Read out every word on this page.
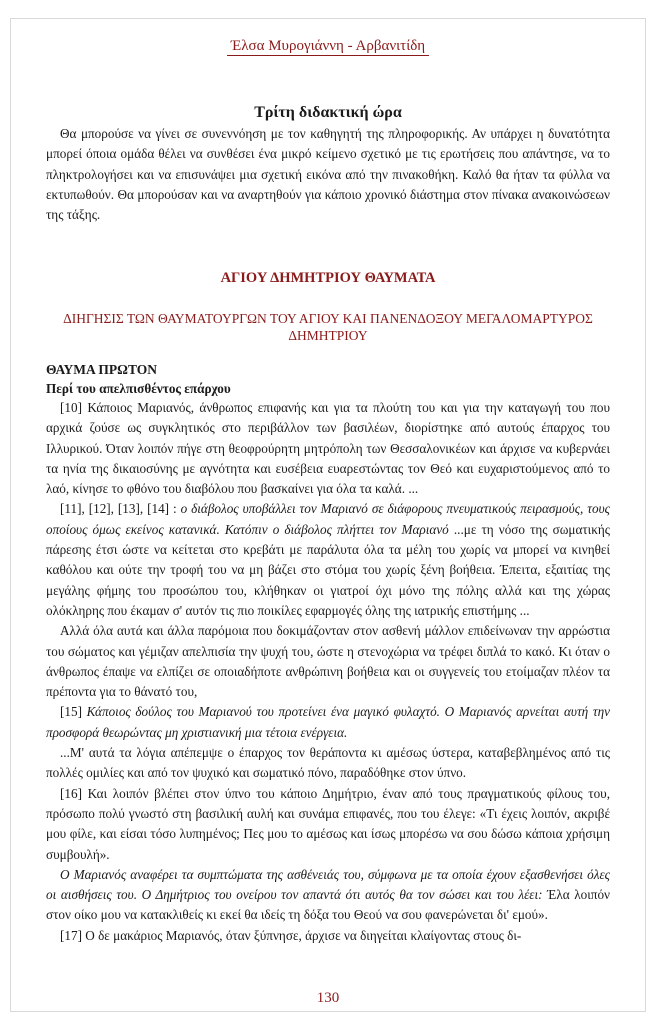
Έλσα Μυρογιάννη - Αρβανιτίδη
Τρίτη διδακτική ώρα

Θα μπορούσε να γίνει σε συνεννόηση με τον καθηγητή της πληροφορικής. Αν υπάρχει η δυνατότητα μπορεί όποια ομάδα θέλει να συνθέσει ένα μικρό κείμενο σχετικό με τις ερωτήσεις που απάντησε, να το πληκτρολογήσει και να επισυνάψει μια σχετική εικόνα από την πινακοθήκη. Καλό θα ήταν τα φύλλα να εκτυπωθούν. Θα μπορούσαν και να αναρτηθούν για κάποιο χρονικό διάστημα στον πίνακα ανακοινώσεων της τάξης.

ΑΓΙΟΥ ΔΗΜΗΤΡΙΟΥ ΘΑΥΜΑΤΑ
ΔΙΗΓΗΣΙΣ ΤΩΝ ΘΑΥΜΑΤΟΥΡΓΩΝ ΤΟΥ ΑΓΙΟΥ ΚΑΙ ΠΑΝΕΝΔΟΞΟΥ ΜΕΓΑΛΟΜΑΡΤΥΡΟΣ ΔΗΜΗΤΡΙΟΥ
ΘΑΥΜΑ ΠΡΩΤΟΝ
Περί του απελπισθέντος επάρχου

[10] Κάποιος Μαριανός, άνθρωπος επιφανής και για τα πλούτη του και για την καταγωγή του που αρχικά ζούσε ως συγκλητικός στο περιβάλλον των βασιλέων, διορίστηκε από αυτούς έπαρχος του Ιλλυρικού. Όταν λοιπόν πήγε στη θεοφρούρητη μητρόπολη των Θεσσαλονικέων και άρχισε να κυβερνάει τα ηνία της δικαιοσύνης με αγνότητα και ευσέβεια ευαρεστώντας τον Θεό και ευχαριστούμενος από το λαό, κίνησε το φθόνο του διαβόλου που βασκαίνει για όλα τα καλά. ...

[11], [12], [13], [14] : ο διάβολος υποβάλλει τον Μαριανό σε διάφορους πνευματικούς πειρασμούς, τους οποίους όμως εκείνος κατανικά. Κατόπιν ο διάβολος πλήττει τον Μαριανό ...με τη νόσο της σωματικής πάρεσης έτσι ώστε να κείτεται στο κρεβάτι με παράλυτα όλα τα μέλη του χωρίς να μπορεί να κινηθεί καθόλου και ούτε την τροφή του να μη βάζει στο στόμα του χωρίς ξένη βοήθεια. Έπειτα, εξαιτίας της μεγάλης φήμης του προσώπου του, κλήθηκαν οι γιατροί όχι μόνο της πόλης αλλά και της χώρας ολόκληρης που έκαμαν σ' αυτόν τις πιο ποικίλες εφαρμογές όλης της ιατρικής επιστήμης ...

Αλλά όλα αυτά και άλλα παρόμοια που δοκιμάζονταν στον ασθενή μάλλον επιδείνωναν την αρρώστια του σώματος και γέμιζαν απελπισία την ψυχή του, ώστε η στενοχώρια να τρέφει διπλά το κακό. Κι όταν ο άνθρωπος έπαψε να ελπίζει σε οποιαδήποτε ανθρώπινη βοήθεια και οι συγγενείς του ετοίμαζαν πλέον τα πρέποντα για το θάνατό του,

[15] Κάποιος δούλος του Μαριανού του προτείνει ένα μαγικό φυλαχτό. Ο Μαριανός αρνείται αυτή την προσφορά θεωρώντας μη χριστιανική μια τέτοια ενέργεια.

...Μ' αυτά τα λόγια απέπεμψε ο έπαρχος τον θεράποντα κι αμέσως ύστερα, καταβεβλημένος από τις πολλές ομιλίες και από τον ψυχικό και σωματικό πόνο, παραδόθηκε στον ύπνο.

[16] Και λοιπόν βλέπει στον ύπνο του κάποιο Δημήτριο, έναν από τους πραγματικούς φίλους του, πρόσωπο πολύ γνωστό στη βασιλική αυλή και συνάμα επιφανές, που του έλεγε: «Τι έχεις λοιπόν, ακριβέ μου φίλε, και είσαι τόσο λυπημένος; Πες μου το αμέσως και ίσως μπορέσω να σου δώσω κάποια χρήσιμη συμβουλή».

Ο Μαριανός αναφέρει τα συμπτώματα της ασθένειάς του, σύμφωνα με τα οποία έχουν εξασθενήσει όλες οι αισθήσεις του. Ο Δημήτριος του ονείρου τον απαντά ότι αυτός θα τον σώσει και του λέει: Έλα λοιπόν στον οίκο μου να κατακλιθείς κι εκεί θα ιδείς τη δόξα του Θεού να σου φανερώνεται δι' εμού».

[17] Ο δε μακάριος Μαριανός, όταν ξύπνησε, άρχισε να διηγείται κλαίγοντας στους δι-

130
